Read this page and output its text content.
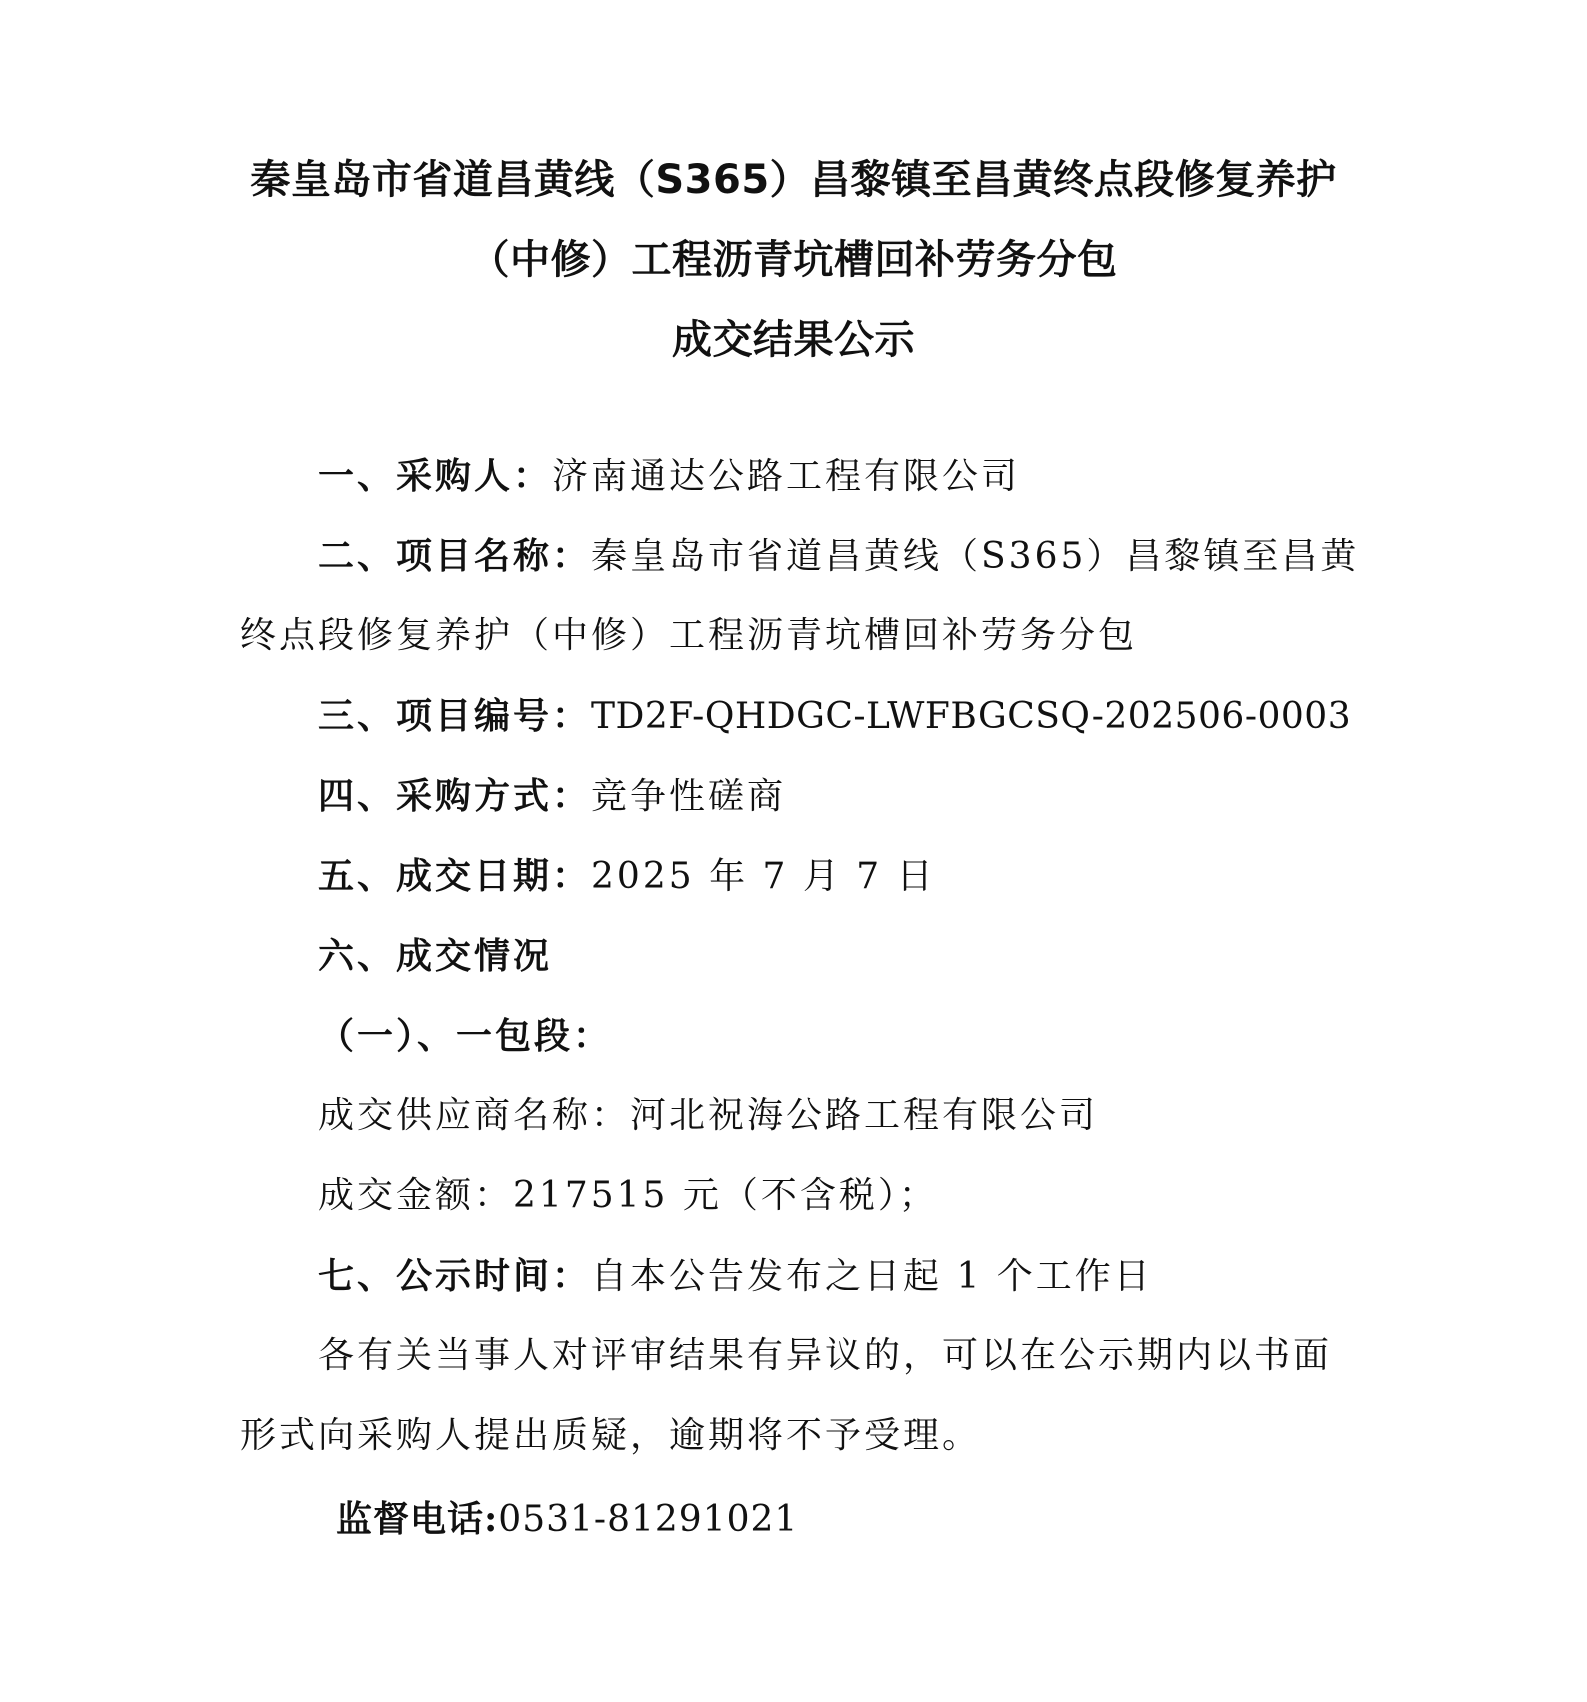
秦皇岛市省道昌黄线（S365）昌黎镇至昌黄终点段修复养护
（中修）工程沥青坑槽回补劳务分包
成交结果公示
一、采购人：济南通达公路工程有限公司
二、项目名称：秦皇岛市省道昌黄线（S365）昌黎镇至昌黄
终点段修复养护（中修）工程沥青坑槽回补劳务分包
三、项目编号：TD2F-QHDGC-LWFBGCSQ-202506-0003
四、采购方式：竞争性磋商
五、成交日期：2025 年 7 月 7 日
六、成交情况
（一）、一包段：
成交供应商名称：河北祝海公路工程有限公司
成交金额：217515 元（不含税）；
七、公示时间：自本公告发布之日起 1 个工作日
各有关当事人对评审结果有异议的，可以在公示期内以书面
形式向采购人提出质疑，逾期将不予受理。
监督电话:0531-81291021
